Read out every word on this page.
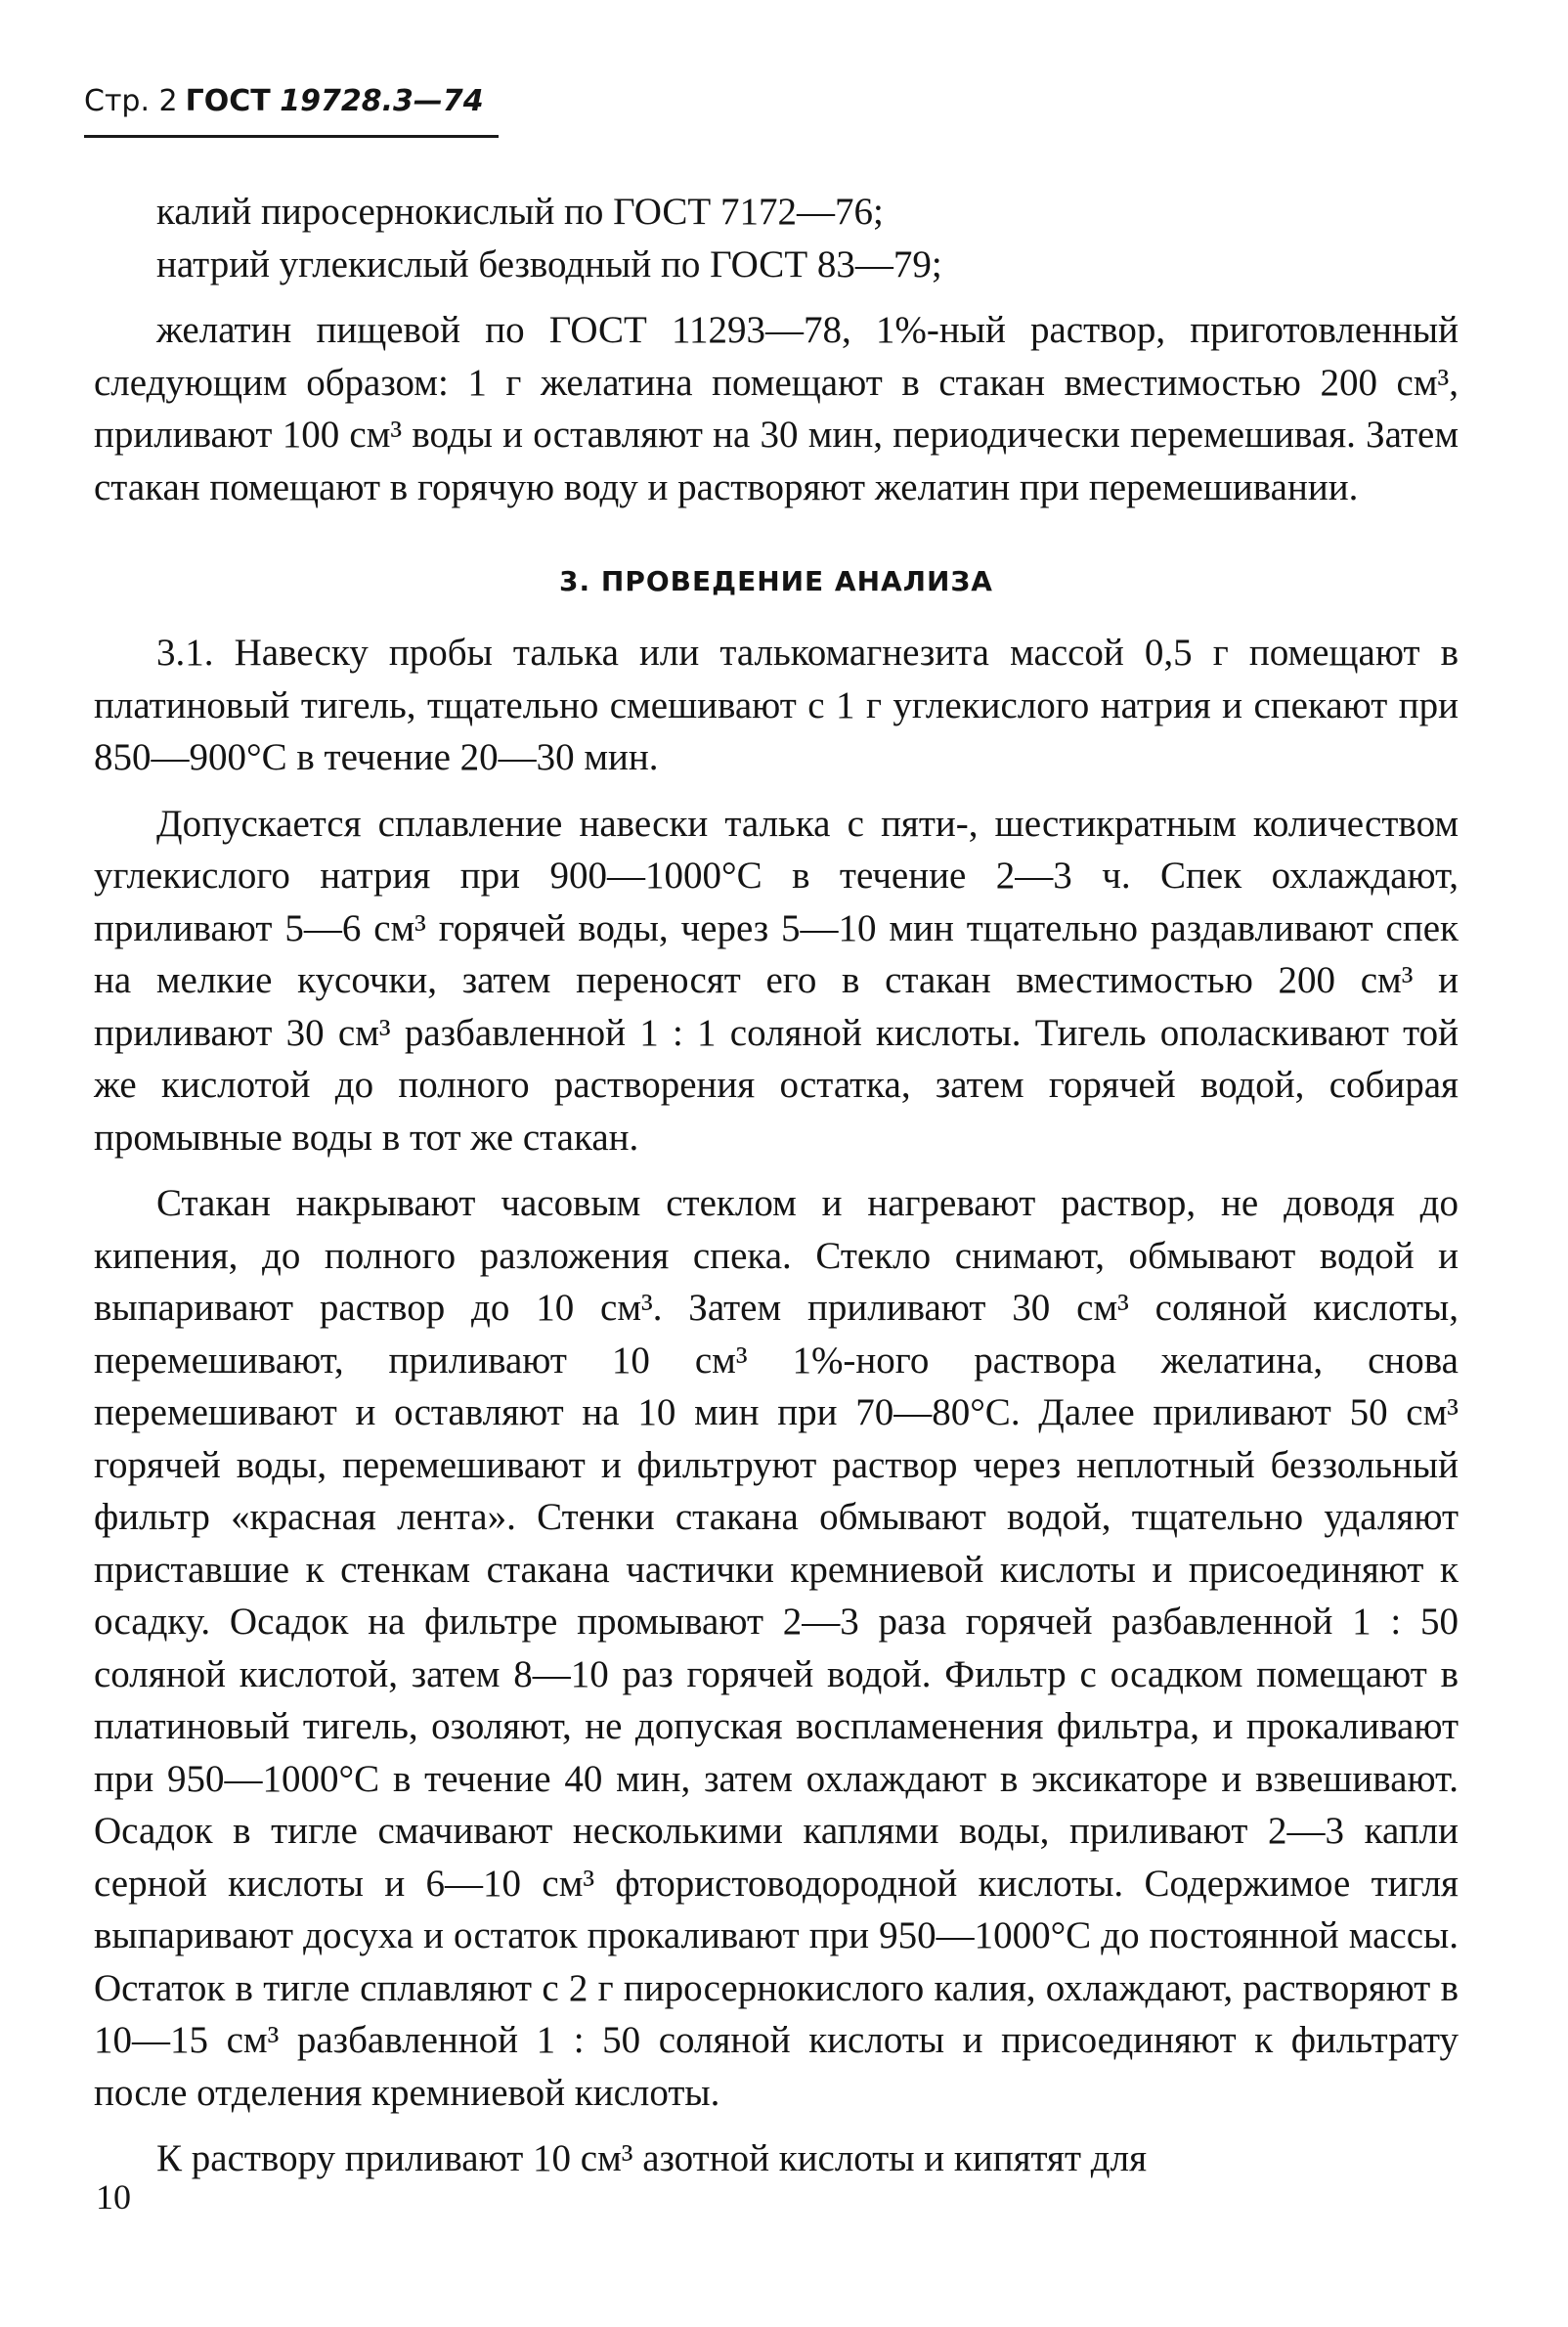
Стр. 2 ГОСТ 19728.3—74

калий пиросернокислый по ГОСТ 7172—76;

натрий углекислый безводный по ГОСТ 83—79;

желатин пищевой по ГОСТ 11293—78, 1%-ный раствор, приготовленный следующим образом: 1 г желатина помещают в стакан вместимостью 200 см³, приливают 100 см³ воды и оставляют на 30 мин, периодически перемешивая. Затем стакан помещают в горячую воду и растворяют желатин при перемешивании.

3. ПРОВЕДЕНИЕ АНАЛИЗА

3.1. Навеску пробы талька или талькомагнезита массой 0,5 г помещают в платиновый тигель, тщательно смешивают с 1 г углекислого натрия и спекают при 850—900°С в течение 20—30 мин.

Допускается сплавление навески талька с пяти-, шестикратным количеством углекислого натрия при 900—1000°С в течение 2—3 ч. Спек охлаждают, приливают 5—6 см³ горячей воды, через 5—10 мин тщательно раздавливают спек на мелкие кусочки, затем переносят его в стакан вместимостью 200 см³ и приливают 30 см³ разбавленной 1 : 1 соляной кислоты. Тигель ополаскивают той же кислотой до полного растворения остатка, затем горячей водой, собирая промывные воды в тот же стакан.

Стакан накрывают часовым стеклом и нагревают раствор, не доводя до кипения, до полного разложения спека. Стекло снимают, обмывают водой и выпаривают раствор до 10 см³. Затем приливают 30 см³ соляной кислоты, перемешивают, приливают 10 см³ 1%-ного раствора желатина, снова перемешивают и оставляют на 10 мин при 70—80°С. Далее приливают 50 см³ горячей воды, перемешивают и фильтруют раствор через неплотный беззольный фильтр «красная лента». Стенки стакана обмывают водой, тщательно удаляют приставшие к стенкам стакана частички кремниевой кислоты и присоединяют к осадку. Осадок на фильтре промывают 2—3 раза горячей разбавленной 1 : 50 соляной кислотой, затем 8—10 раз горячей водой. Фильтр с осадком помещают в платиновый тигель, озоляют, не допуская воспламенения фильтра, и прокаливают при 950—1000°С в течение 40 мин, затем охлаждают в эксикаторе и взвешивают. Осадок в тигле смачивают несколькими каплями воды, приливают 2—3 капли серной кислоты и 6—10 см³ фтористоводородной кислоты. Содержимое тигля выпаривают досуха и остаток прокаливают при 950—1000°С до постоянной массы. Остаток в тигле сплавляют с 2 г пиросернокислого калия, охлаждают, растворяют в 10—15 см³ разбавленной 1 : 50 соляной кислоты и присоединяют к фильтрату после отделения кремниевой кислоты.

К раствору приливают 10 см³ азотной кислоты и кипятят для

10
